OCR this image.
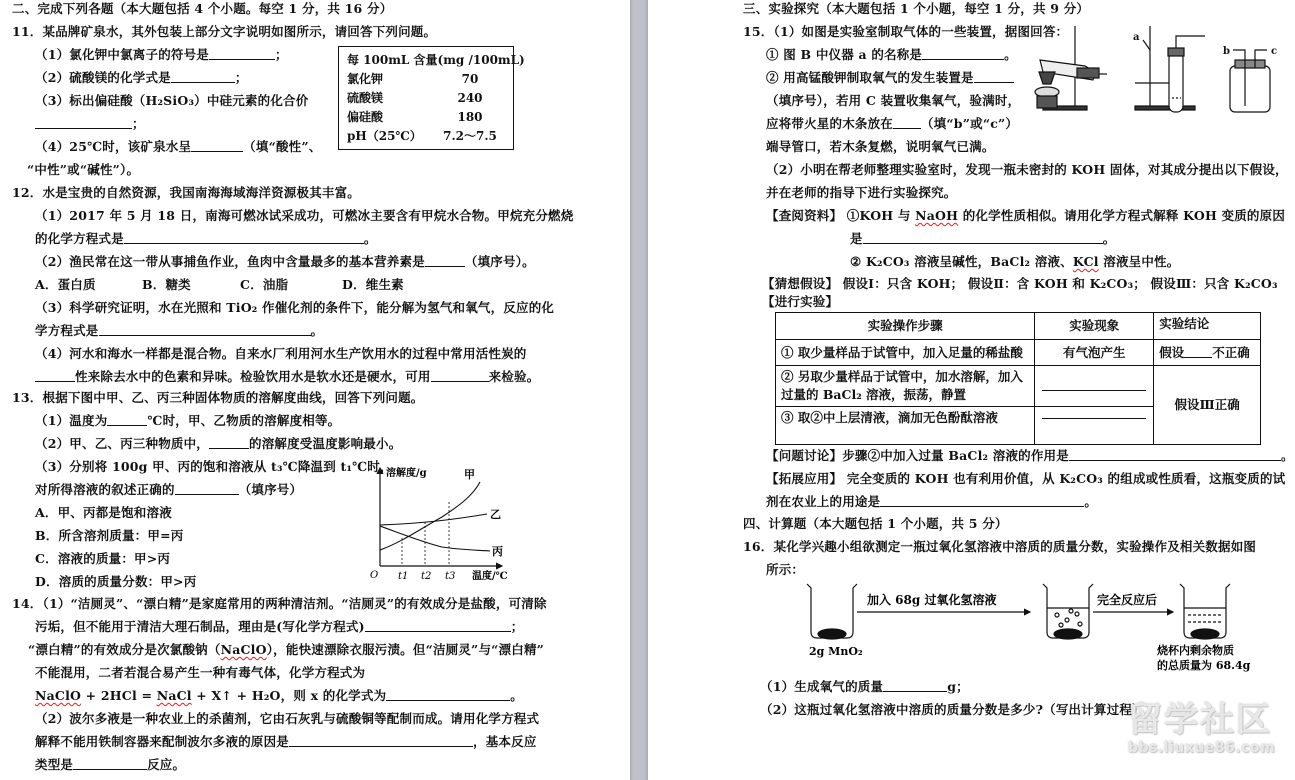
二、完成下列各题（本大题包括 4 个小题。每空 1 分，共 16 分）
11．某品牌矿泉水，其外包装上部分文字说明如图所示，请回答下列问题。
（1）氯化钾中氯离子的符号是	；
（2）硫酸镁的化学式是	；
（3）标出偏硅酸（H₂SiO₃）中硅元素的化合价
；
（4）25℃时，该矿泉水呈	（填“酸性”、
“中性”或“碱性”）。
每 100mL 含量(mg /100mL)
氯化钾	70
硫酸镁	240
偏硅酸	180
pH（25℃）	7.2～7.5
12．水是宝贵的自然资源，我国南海海域海洋资源极其丰富。
（1）2017 年 5 月 18 日，南海可燃冰试采成功，可燃冰主要含有甲烷水合物。甲烷充分燃烧
的化学方程式是	。
（2）渔民常在这一带从事捕鱼作业，鱼肉中含量最多的基本营养素是	（填序号）。
A．蛋白质	B．糖类	C．油脂	D．维生素
（3）科学研究证明，水在光照和 TiO₂ 作催化剂的条件下，能分解为氢气和氧气，反应的化
学方程式是	。
（4）河水和海水一样都是混合物。自来水厂利用河水生产饮用水的过程中常用活性炭的
性来除去水中的色素和异味。检验饮用水是软水还是硬水，可用	来检验。
13．根据下图中甲、乙、丙三种固体物质的溶解度曲线，回答下列问题。
（1）温度为	℃时，甲、乙物质的溶解度相等。
（2）甲、乙、丙三种物质中，	的溶解度受温度影响最小。
（3）分别将 100g 甲、丙的饱和溶液从 t₃℃降温到 t₁℃时，
对所得溶液的叙述正确的	（填序号）
A．甲、丙都是饱和溶液
B．所含溶剂质量：甲=丙
C．溶液的质量：甲>丙
D．溶质的质量分数：甲>丙
溶解度/g
温度/℃
O t1 t2 t3
甲
乙
丙
14．（1）“洁厕灵”、“漂白精”是家庭常用的两种清洁剂。“洁厕灵”的有效成分是盐酸，可清除
污垢，但不能用于清洁大理石制品，理由是(写化学方程式)	；
“漂白精”的有效成分是次氯酸钠（NaClO），能快速漂除衣服污渍。但“洁厕灵”与“漂白精”
不能混用，二者若混合易产生一种有毒气体，化学方程式为
NaClO + 2HCl = NaCl + X↑ + H₂O，则 x 的化学式为	。
（2）波尔多液是一种农业上的杀菌剂，它由石灰乳与硫酸铜等配制而成。请用化学方程式
解释不能用铁制容器来配制波尔多液的原因是	，基本反应
类型是	反应。
三、实验探究（本大题包括 1 个小题，每空 1 分，共 9 分）
15．（1）如图是实验室制取气体的一些装置，据图回答：
① 图 B 中仪器 a 的名称是	。
② 用高锰酸钾制取氧气的发生装置是
（填序号），若用 C 装置收集氧气，验满时，
应将带火星的木条放在 （填“b”或“c”）
端导管口，若木条复燃，说明氧气已满。
a
b	c
（2）小明在帮老师整理实验室时，发现一瓶未密封的 KOH 固体，对其成分提出以下假设，
并在老师的指导下进行实验探究。
【查阅资料】 ①KOH 与 NaOH 的化学性质相似。请用化学方程式解释 KOH 变质的原因
是	。
② K₂CO₃ 溶液呈碱性，BaCl₂ 溶液、KCl 溶液呈中性。
【猜想假设】 假设Ⅰ：只含 KOH； 假设Ⅱ：含 KOH 和 K₂CO₃； 假设Ⅲ：只含 K₂CO₃
【进行实验】
实验操作步骤	实验现象	实验结论
① 取少量样品于试管中，加入足量的稀盐酸	有气泡产生	假设 不正确

② 另取少量样品于试管中，加水溶解，加入
过量的 BaCl₂ 溶液，振荡，静置		假设Ⅲ正确
③ 取②中上层清液，滴加无色酚酞溶液		
【问题讨论】步骤②中加入过量 BaCl₂ 溶液的作用是	。
【拓展应用】 完全变质的 KOH 也有利用价值，从 K₂CO₃ 的组成或性质看，这瓶变质的试
剂在农业上的用途是	。
四、计算题（本大题包括 1 个小题，共 5 分）
16．某化学兴趣小组欲测定一瓶过氧化氢溶液中溶质的质量分数，实验操作及相关数据如图
所示：
2g MnO₂
加入 68g 过氧化氢溶液	完全反应后
烧杯内剩余物质
的总质量为 68.4g
（1）生成氧气的质量	g；
（2）这瓶过氧化氢溶液中溶质的质量分数是多少?（写出计算过程）
留学社区
bbs.liuxue86.com
